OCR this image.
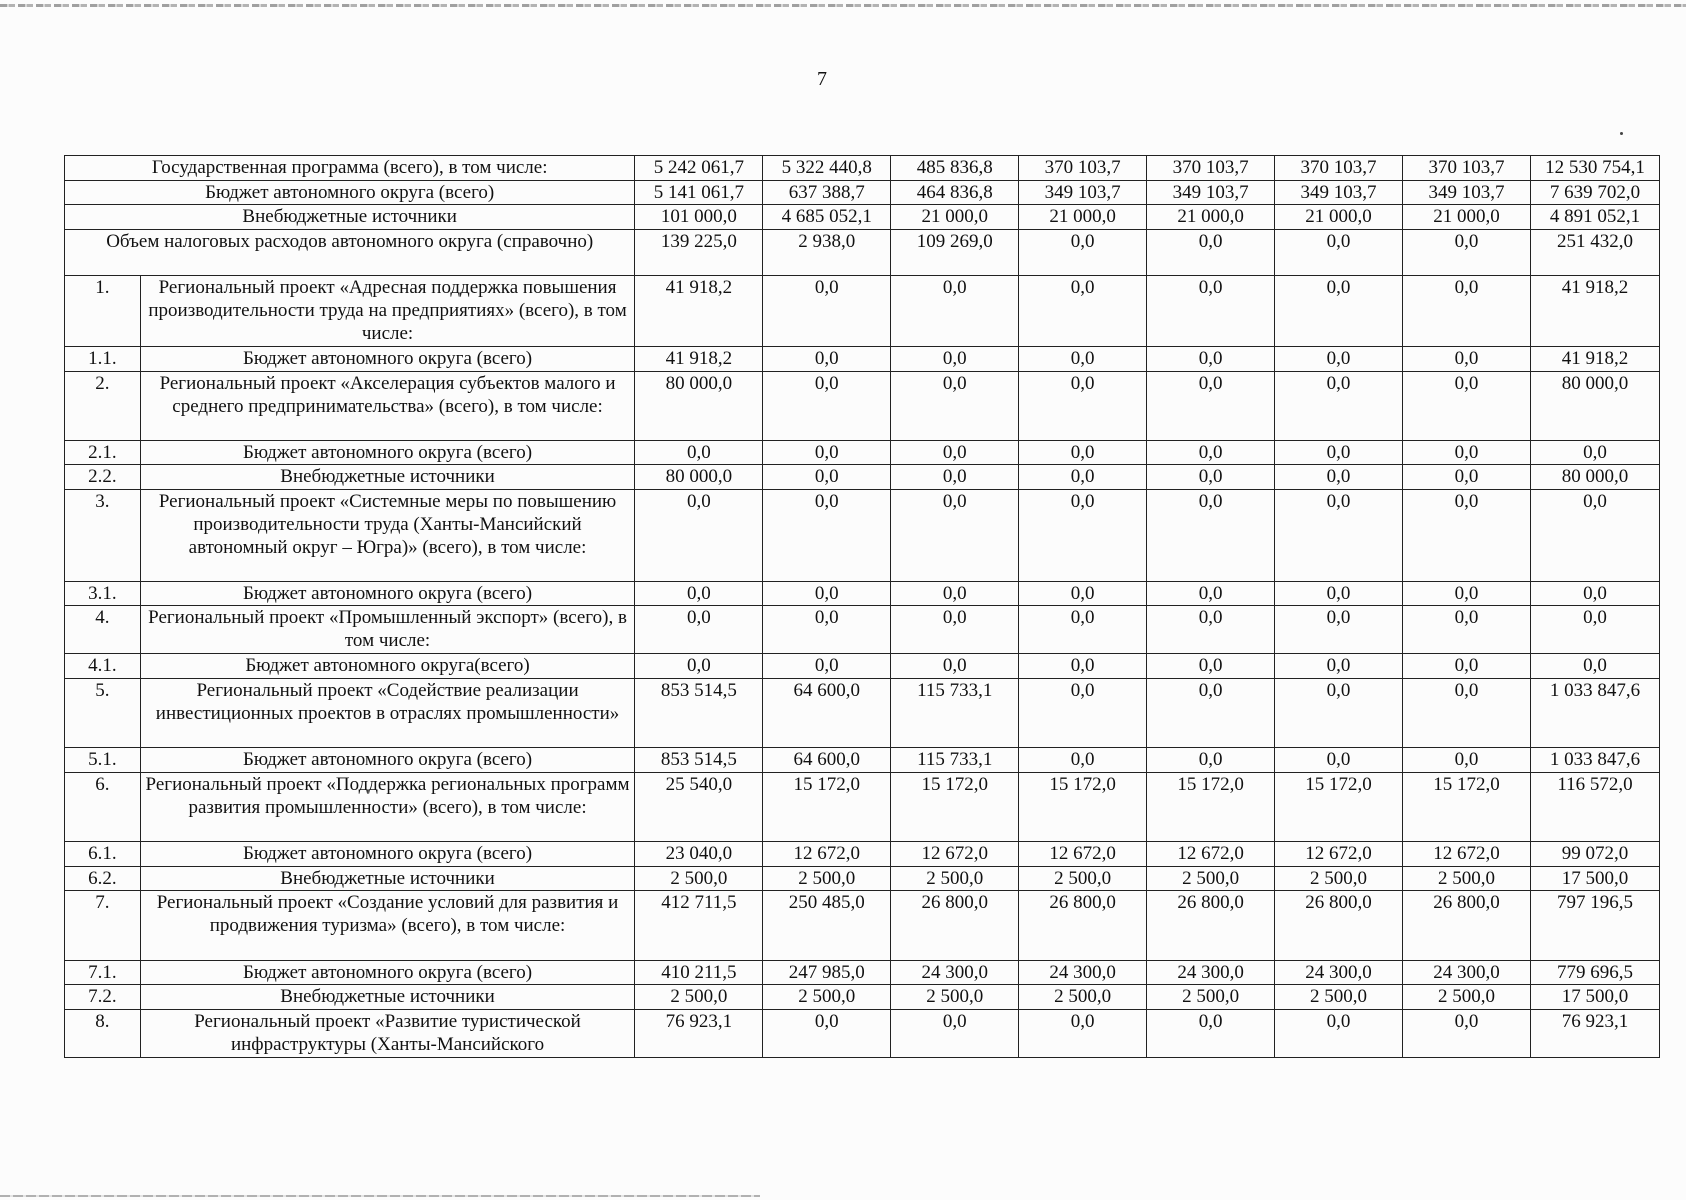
7
Государственная программа (всего), в том числе:		5 242 061,7	5 322 440,8	485 836,8	370 103,7	370 103,7	370 103,7	370 103,7	12 530 754,1
Бюджет автономного округа (всего)		5 141 061,7	637 388,7	464 836,8	349 103,7	349 103,7	349 103,7	349 103,7	7 639 702,0
Внебюджетные источники		101 000,0	4 685 052,1	21 000,0	21 000,0	21 000,0	21 000,0	21 000,0	4 891 052,1
Объем налоговых расходов автономного округа (справочно)		139 225,0	2 938,0	109 269,0	0,0	0,0	0,0	0,0	251 432,0
1.	Региональный проект «Адресная поддержка повышения производительности труда на предприятиях» (всего), в том числе:	41 918,2	0,0	0,0	0,0	0,0	0,0	0,0	41 918,2
1.1.	Бюджет автономного округа (всего)	41 918,2	0,0	0,0	0,0	0,0	0,0	0,0	41 918,2
2.	Региональный проект «Акселерация субъектов малого и среднего предпринимательства» (всего), в том числе:	80 000,0	0,0	0,0	0,0	0,0	0,0	0,0	80 000,0
2.1.	Бюджет автономного округа (всего)	0,0	0,0	0,0	0,0	0,0	0,0	0,0	0,0
2.2.	Внебюджетные источники	80 000,0	0,0	0,0	0,0	0,0	0,0	0,0	80 000,0
3.	Региональный проект «Системные меры по повышению производительности труда (Ханты-Мансийский автономный округ – Югра)» (всего), в том числе:	0,0	0,0	0,0	0,0	0,0	0,0	0,0	0,0
3.1.	Бюджет автономного округа (всего)	0,0	0,0	0,0	0,0	0,0	0,0	0,0	0,0
4.	Региональный проект «Промышленный экспорт» (всего), в том числе:	0,0	0,0	0,0	0,0	0,0	0,0	0,0	0,0
4.1.	Бюджет автономного округа(всего)	0,0	0,0	0,0	0,0	0,0	0,0	0,0	0,0
5.	Региональный проект «Содействие реализации инвестиционных проектов в отраслях промышленности»	853 514,5	64 600,0	115 733,1	0,0	0,0	0,0	0,0	1 033 847,6
5.1.	Бюджет автономного округа (всего)	853 514,5	64 600,0	115 733,1	0,0	0,0	0,0	0,0	1 033 847,6
6.	Региональный проект «Поддержка региональных программ развития промышленности» (всего), в том числе:	25 540,0	15 172,0	15 172,0	15 172,0	15 172,0	15 172,0	15 172,0	116 572,0
6.1.	Бюджет автономного округа (всего)	23 040,0	12 672,0	12 672,0	12 672,0	12 672,0	12 672,0	12 672,0	99 072,0
6.2.	Внебюджетные источники	2 500,0	2 500,0	2 500,0	2 500,0	2 500,0	2 500,0	2 500,0	17 500,0
7.	Региональный проект «Создание условий для развития и продвижения туризма» (всего), в том числе:	412 711,5	250 485,0	26 800,0	26 800,0	26 800,0	26 800,0	26 800,0	797 196,5
7.1.	Бюджет автономного округа (всего)	410 211,5	247 985,0	24 300,0	24 300,0	24 300,0	24 300,0	24 300,0	779 696,5
7.2.	Внебюджетные источники	2 500,0	2 500,0	2 500,0	2 500,0	2 500,0	2 500,0	2 500,0	17 500,0
8.	Региональный проект «Развитие туристической инфраструктуры (Ханты-Мансийского	76 923,1	0,0	0,0	0,0	0,0	0,0	0,0	76 923,1
